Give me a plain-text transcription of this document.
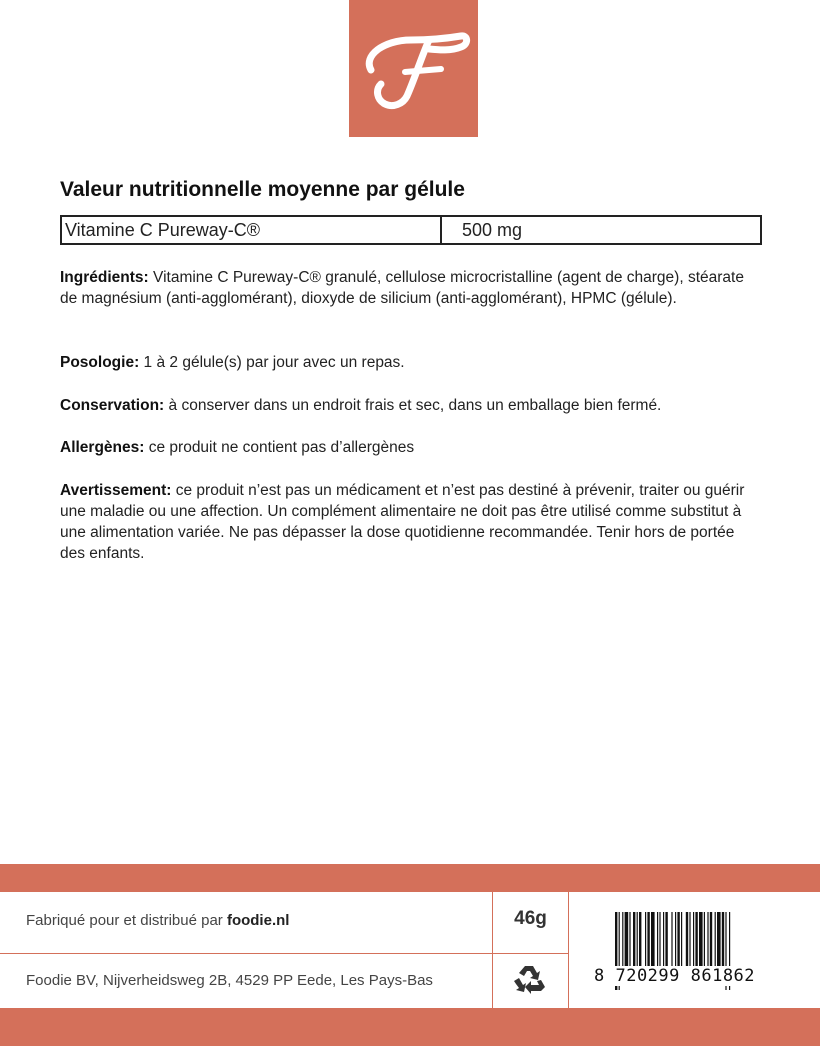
Valeur nutritionnelle moyenne par gélule
Vitamine C Pureway-C®	500 mg
Ingrédients: Vitamine C Pureway-C® granulé, cellulose microcristalline (agent de charge), stéarate de magnésium (anti-agglomérant), dioxyde de silicium (anti-agglomérant), HPMC (gélule).
Posologie: 1 à 2 gélule(s) par jour avec un repas.
Conservation: à conserver dans un endroit frais et sec, dans un emballage bien fermé.
Allergènes: ce produit ne contient pas d’allergènes
Avertissement: ce produit n’est pas un médicament et n’est pas destiné à prévenir, traiter ou guérir une maladie ou une affection. Un complément alimentaire ne doit pas être utilisé comme substitut à une alimentation variée. Ne pas dépasser la dose quotidienne recommandée. Tenir hors de portée des enfants.
Fabriqué pour et distribué par foodie.nl
Foodie BV, Nijverheidsweg 2B, 4529 PP Eede, Les Pays-Bas
46g
8 720299 861862
